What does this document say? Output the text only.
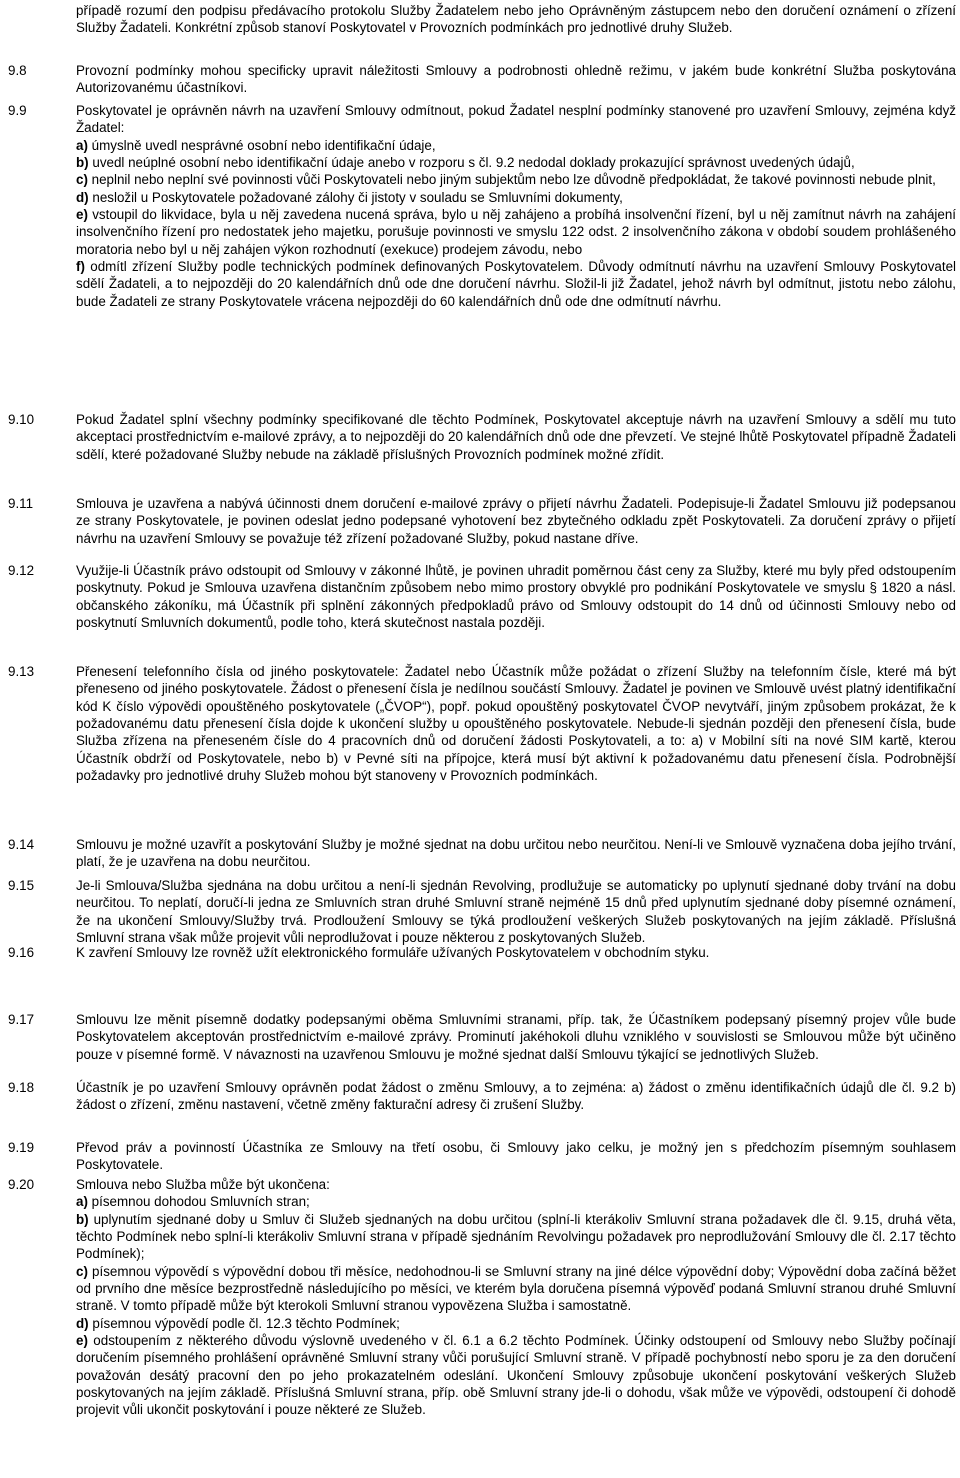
případě rozumí den podpisu předávacího protokolu Služby Žadatelem nebo jeho Oprávněným zástupcem nebo den doručení oznámení o zřízení Služby Žadateli. Konkrétní způsob stanoví Poskytovatel v Provozních podmínkách pro jednotlivé druhy Služeb.

9.8	Provozní podmínky mohou specificky upravit náležitosti Smlouvy a podrobnosti ohledně režimu, v jakém bude konkrétní Služba poskytována Autorizovanému účastníkovi.

9.9	Poskytovatel je oprávněn návrh na uzavření Smlouvy odmítnout, pokud Žadatel nesplní podmínky stanovené pro uzavření Smlouvy, zejména když Žadatel:

a) úmyslně uvedl nesprávné osobní nebo identifikační údaje,

b) uvedl neúplné osobní nebo identifikační údaje anebo v rozporu s čl. 9.2 nedodal doklady prokazující správnost uvedených údajů,

c) neplnil nebo neplní své povinnosti vůči Poskytovateli nebo jiným subjektům nebo lze důvodně předpokládat, že takové povinnosti nebude plnit,

d) nesložil u Poskytovatele požadované zálohy či jistoty v souladu se Smluvními dokumenty,

e) vstoupil do likvidace, byla u něj zavedena nucená správa, bylo u něj zahájeno a probíhá insolvenční řízení, byl u něj zamítnut návrh na zahájení insolvenčního řízení pro nedostatek jeho majetku, porušuje povinnosti ve smyslu 122 odst. 2 insolvenčního zákona v období soudem prohlášeného moratoria nebo byl u něj zahájen výkon rozhodnutí (exekuce) prodejem závodu, nebo

f) odmítl zřízení Služby podle technických podmínek definovaných Poskytovatelem. Důvody odmítnutí návrhu na uzavření Smlouvy Poskytovatel sdělí Žadateli, a to nejpozději do 20 kalendářních dnů ode dne doručení návrhu. Složil-li již Žadatel, jehož návrh byl odmítnut, jistotu nebo zálohu, bude Žadateli ze strany Poskytovatele vrácena nejpozději do 60 kalendářních dnů ode dne odmítnutí návrhu.

9.10	Pokud Žadatel splní všechny podmínky specifikované dle těchto Podmínek, Poskytovatel akceptuje návrh na uzavření Smlouvy a sdělí mu tuto akceptaci prostřednictvím e-mailové zprávy, a to nejpozději do 20 kalendářních dnů ode dne převzetí. Ve stejné lhůtě Poskytovatel případně Žadateli sdělí, které požadované Služby nebude na základě příslušných Provozních podmínek možné zřídit.

9.11	Smlouva je uzavřena a nabývá účinnosti dnem doručení e-mailové zprávy o přijetí návrhu Žadateli. Podepisuje-li Žadatel Smlouvu již podepsanou ze strany Poskytovatele, je povinen odeslat jedno podepsané vyhotovení bez zbytečného odkladu zpět Poskytovateli. Za doručení zprávy o přijetí návrhu na uzavření Smlouvy se považuje též zřízení požadované Služby, pokud nastane dříve.

9.12	Využije-li Účastník právo odstoupit od Smlouvy v zákonné lhůtě, je povinen uhradit poměrnou část ceny za Služby, které mu byly před odstoupením poskytnuty. Pokud je Smlouva uzavřena distančním způsobem nebo mimo prostory obvyklé pro podnikání Poskytovatele ve smyslu § 1820 a násl. občanského zákoníku, má Účastník při splnění zákonných předpokladů právo od Smlouvy odstoupit do 14 dnů od účinnosti Smlouvy nebo od poskytnutí Smluvních dokumentů, podle toho, která skutečnost nastala později.

9.13	Přenesení telefonního čísla od jiného poskytovatele: Žadatel nebo Účastník může požádat o zřízení Služby na telefonním čísle, které má být přeneseno od jiného poskytovatele. Žádost o přenesení čísla je nedílnou součástí Smlouvy. Žadatel je povinen ve Smlouvě uvést platný identifikační kód K číslo výpovědi opouštěného poskytovatele („ČVOP“), popř. pokud opouštěný poskytovatel ČVOP nevytváří, jiným způsobem prokázat, že k požadovanému datu přenesení čísla dojde k ukončení služby u opouštěného poskytovatele. Nebude-li sjednán později den přenesení čísla, bude Služba zřízena na přeneseném čísle do 4 pracovních dnů od doručení žádosti Poskytovateli, a to: a) v Mobilní síti na nové SIM kartě, kterou Účastník obdrží od Poskytovatele, nebo b) v Pevné síti na přípojce, která musí být aktivní k požadovanému datu přenesení čísla. Podrobnější požadavky pro jednotlivé druhy Služeb mohou být stanoveny v Provozních podmínkách.

9.14	Smlouvu je možné uzavřít a poskytování Služby je možné sjednat na dobu určitou nebo neurčitou. Není-li ve Smlouvě vyznačena doba jejího trvání, platí, že je uzavřena na dobu neurčitou.

9.15	Je-li Smlouva/Služba sjednána na dobu určitou a není-li sjednán Revolving, prodlužuje se automaticky po uplynutí sjednané doby trvání na dobu neurčitou. To neplatí, doručí-li jedna ze Smluvních stran druhé Smluvní straně nejméně 15 dnů před uplynutím sjednané doby písemné oznámení, že na ukončení Smlouvy/Služby trvá. Prodloužení Smlouvy se týká prodloužení veškerých Služeb poskytovaných na jejím základě. Příslušná Smluvní strana však může projevit vůli neprodlužovat i pouze některou z poskytovaných Služeb.

9.16	K zavření Smlouvy lze rovněž užít elektronického formuláře užívaných Poskytovatelem v obchodním styku.

9.17	Smlouvu lze měnit písemně dodatky podepsanými oběma Smluvními stranami, příp. tak, že Účastníkem podepsaný písemný projev vůle bude Poskytovatelem akceptován prostřednictvím e-mailové zprávy. Prominutí jakéhokoli dluhu vzniklého v souvislosti se Smlouvou může být učiněno pouze v písemné formě. V návaznosti na uzavřenou Smlouvu je možné sjednat další Smlouvu týkající se jednotlivých Služeb.

9.18	Účastník je po uzavření Smlouvy oprávněn podat žádost o změnu Smlouvy, a to zejména: a) žádost o změnu identifikačních údajů dle čl. 9.2 b) žádost o zřízení, změnu nastavení, včetně změny fakturační adresy či zrušení Služby.

9.19	Převod práv a povinností Účastníka ze Smlouvy na třetí osobu, či Smlouvy jako celku, je možný jen s předchozím písemným souhlasem Poskytovatele.

9.20	Smlouva nebo Služba může být ukončena:

a) písemnou dohodou Smluvních stran;

b) uplynutím sjednané doby u Smluv či Služeb sjednaných na dobu určitou (splní-li kterákoliv Smluvní strana požadavek dle čl. 9.15, druhá věta, těchto Podmínek nebo splní-li kterákoliv Smluvní strana v případě sjednáním Revolvingu požadavek pro neprodlužování Smlouvy dle čl. 2.17 těchto Podmínek);

c) písemnou výpovědí s výpovědní dobou tři měsíce, nedohodnou-li se Smluvní strany na jiné délce výpovědní doby; Výpovědní doba začíná běžet od prvního dne měsíce bezprostředně následujícího po měsíci, ve kterém byla doručena písemná výpověď podaná Smluvní stranou druhé Smluvní straně. V tomto případě může být kterokoli Smluvní stranou vypovězena Služba i samostatně.

d) písemnou výpovědí podle čl. 12.3 těchto Podmínek;

e) odstoupením z některého důvodu výslovně uvedeného v čl. 6.1 a 6.2 těchto Podmínek. Účinky odstoupení od Smlouvy nebo Služby počínají doručením písemného prohlášení oprávněné Smluvní strany vůči porušující Smluvní straně. V případě pochybností nebo sporu je za den doručení považován desátý pracovní den po jeho prokazatelném odeslání. Ukončení Smlouvy způsobuje ukončení poskytování veškerých Služeb poskytovaných na jejím základě. Příslušná Smluvní strana, příp. obě Smluvní strany jde-li o dohodu, však může ve výpovědi, odstoupení či dohodě projevit vůli ukončit poskytování i pouze některé ze Služeb.
